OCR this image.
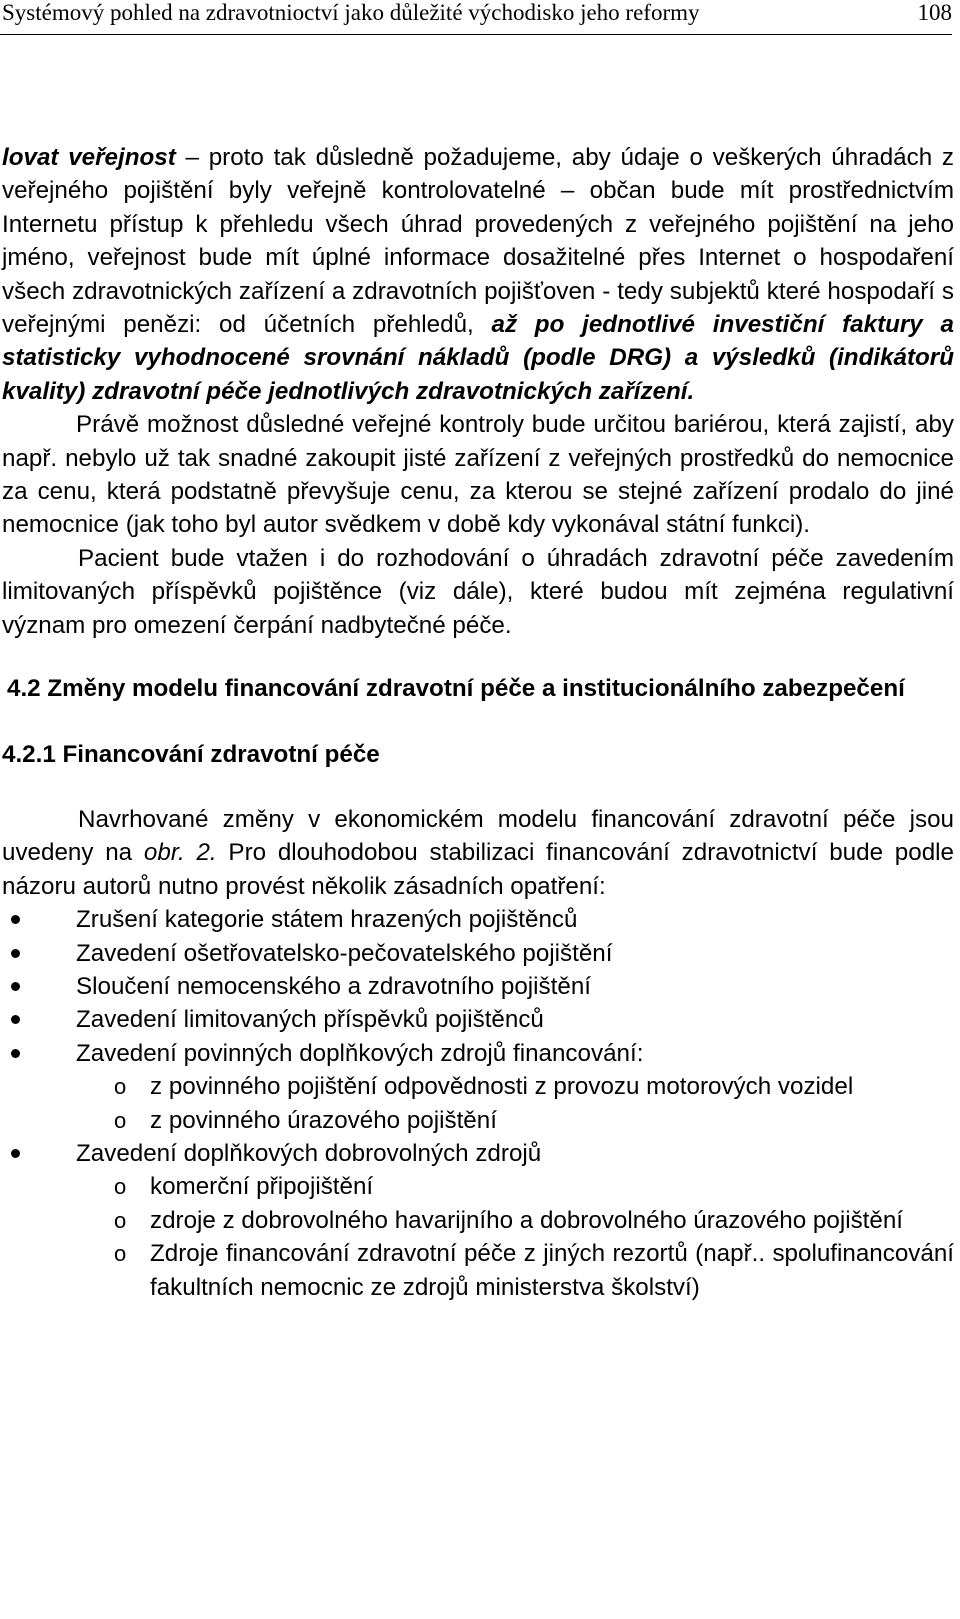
Systémový pohled na zdravotnioctví jako důležité východisko jeho reformy	108

lovat veřejnost – proto tak důsledně požadujeme, aby údaje o veškerých úhradách z veřejného pojištění byly veřejně kontrolovatelné – občan bude mít prostřednictvím Internetu přístup k přehledu všech úhrad provedených z veřejného pojištění na jeho jméno, veřejnost bude mít úplné informace dosažitelné přes Internet o hospodaření všech zdravotnických zařízení a zdravotních pojišťoven - tedy subjektů které hospodaří s veřejnými penězi: od účetních přehledů, až po jednotlivé investiční faktury a statisticky vyhodnocené srovnání nákladů (podle DRG) a výsledků (indikátorů kvality) zdravotní péče jednotlivých zdravotnických zařízení.

Právě možnost důsledné veřejné kontroly bude určitou bariérou, která zajistí, aby např. nebylo už tak snadné zakoupit jisté zařízení z veřejných prostředků do nemocnice za cenu, která podstatně převyšuje cenu, za kterou se stejné zařízení prodalo do jiné nemocnice (jak toho byl autor svědkem v době kdy vykonával státní funkci).

Pacient bude vtažen i do rozhodování o úhradách zdravotní péče zavedením limitovaných příspěvků pojištěnce (viz dále), které budou mít zejména regulativní význam pro omezení čerpání nadbytečné péče.

4.2 Změny modelu financování zdravotní péče a institucionálního zabezpečení
4.2.1 Financování zdravotní péče

Navrhované změny v ekonomickém modelu financování zdravotní péče jsou uvedeny na obr. 2. Pro dlouhodobou stabilizaci financování zdravotnictví bude podle názoru autorů nutno provést několik zásadních opatření:

Zrušení kategorie státem hrazených pojištěnců
Zavedení ošetřovatelsko-pečovatelského pojištění
Sloučení nemocenského a zdravotního pojištění
Zavedení limitovaných příspěvků pojištěnců
Zavedení povinných doplňkových zdrojů financování:
o z povinného pojištění odpovědnosti z provozu motorových vozidel
o z povinného úrazového pojištění
Zavedení doplňkových dobrovolných zdrojů
o komerční připojištění
o zdroje z dobrovolného havarijního a dobrovolného úrazového pojištění
o Zdroje financování zdravotní péče z jiných rezortů (např.. spolufinancování fakultních nemocnic ze zdrojů ministerstva školství)
